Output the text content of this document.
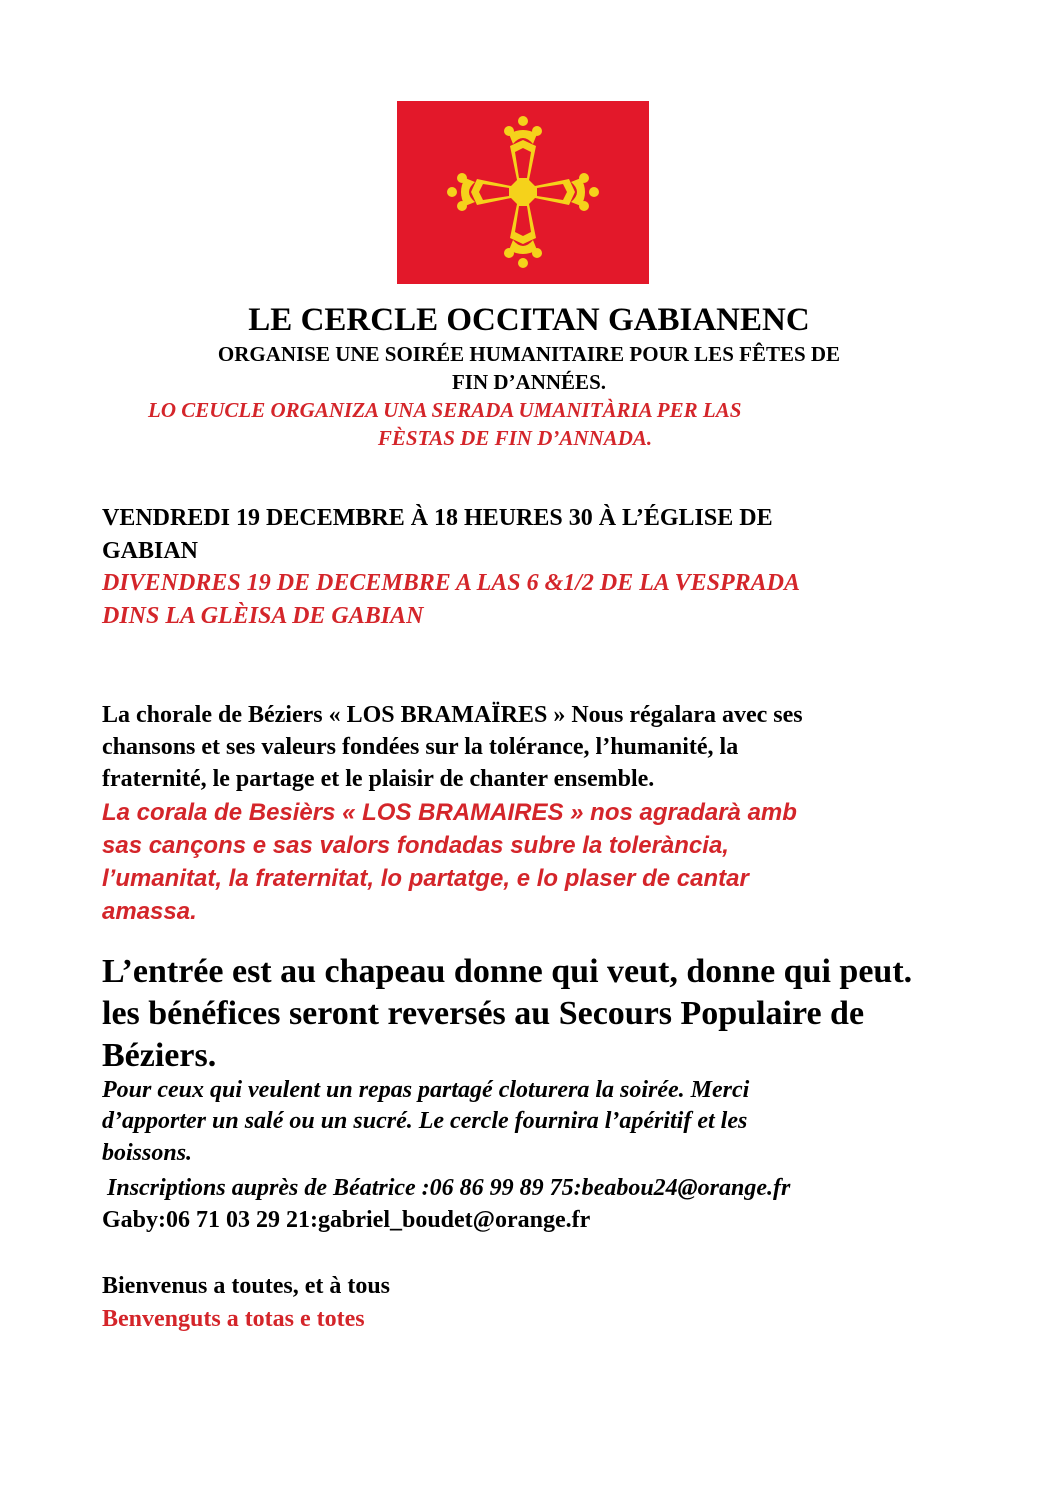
LE CERCLE OCCITAN GABIANENC

ORGANISE UNE SOIRÉE HUMANITAIRE POUR LES FÊTES DE

FIN D’ANNÉES.

LO CEUCLE ORGANIZA UNA SERADA UMANITÀRIA PER LAS

FÈSTAS DE FIN D’ANNADA.

VENDREDI 19 DECEMBRE À 18 HEURES 30 À L’ÉGLISE DE

GABIAN

DIVENDRES 19 DE DECEMBRE A LAS 6 &1/2 DE LA VESPRADA

DINS LA GLÈISA DE GABIAN

La chorale de Béziers « LOS BRAMAÏRES » Nous régalara avec ses

chansons et ses valeurs fondées sur la tolérance, l’humanité, la

fraternité, le partage et le plaisir de chanter ensemble.

La corala de Besièrs « LOS BRAMAIRES » nos agradarà amb

sas cançons e sas valors fondadas subre la tolerància,

l’umanitat, la fraternitat, lo partatge, e lo plaser de cantar

amassa.

L’entrée est au chapeau donne qui veut, donne qui peut.

les bénéfices seront reversés au Secours Populaire de

Béziers.

Pour ceux qui veulent un repas partagé cloturera la soirée. Merci

d’apporter un salé ou un sucré. Le cercle fournira l’apéritif et les

boissons.

Inscriptions auprès de Béatrice :06 86 99 89 75:beabou24@orange.fr

Gaby:06 71 03 29 21:gabriel_boudet@orange.fr

Bienvenus a toutes, et à tous

Benvenguts a totas e totes
